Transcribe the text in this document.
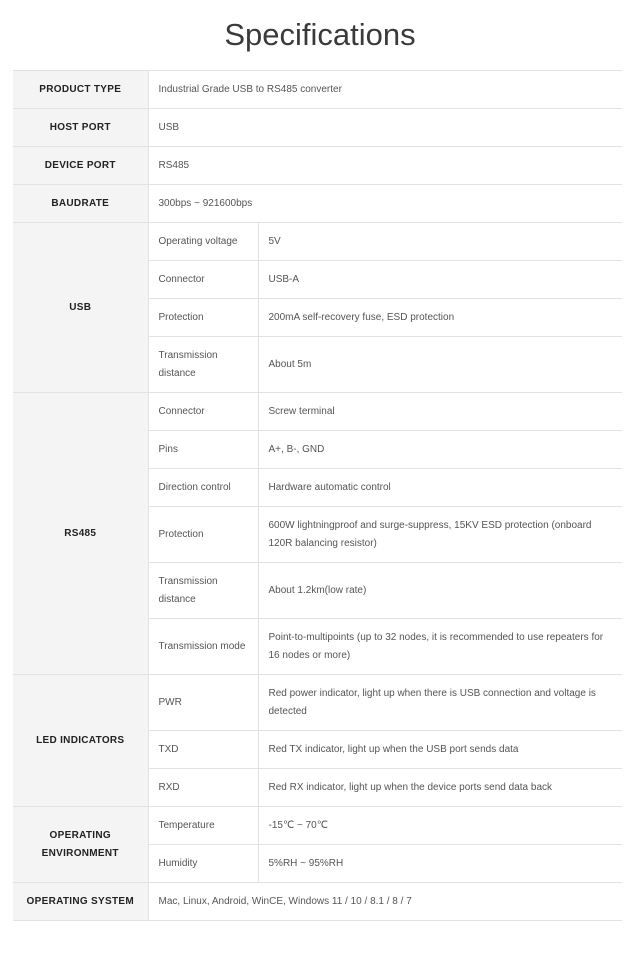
Specifications
PRODUCT TYPE	Industrial Grade USB to RS485 converter	
HOST PORT	USB	
DEVICE PORT	RS485	
BAUDRATE	300bps ~ 921600bps	
USB	Operating voltage	5V
	Connector	USB-A
	Protection	200mA self-recovery fuse, ESD protection
	Transmission distance	About 5m
RS485	Connector	Screw terminal
	Pins	A+, B-, GND
	Direction control	Hardware automatic control
	Protection	600W lightningproof and surge-suppress, 15KV ESD protection (onboard 120R balancing resistor)
	Transmission distance	About 1.2km(low rate)
	Transmission mode	Point-to-multipoints (up to 32 nodes, it is recommended to use repeaters for 16 nodes or more)
LED INDICATORS	PWR	Red power indicator, light up when there is USB connection and voltage is detected
	TXD	Red TX indicator, light up when the USB port sends data
	RXD	Red RX indicator, light up when the device ports send data back
OPERATING ENVIRONMENT	Temperature	-15℃ ~ 70℃
	Humidity	5%RH ~ 95%RH
OPERATING SYSTEM	Mac, Linux, Android, WinCE, Windows 11 / 10 / 8.1 / 8 / 7	
